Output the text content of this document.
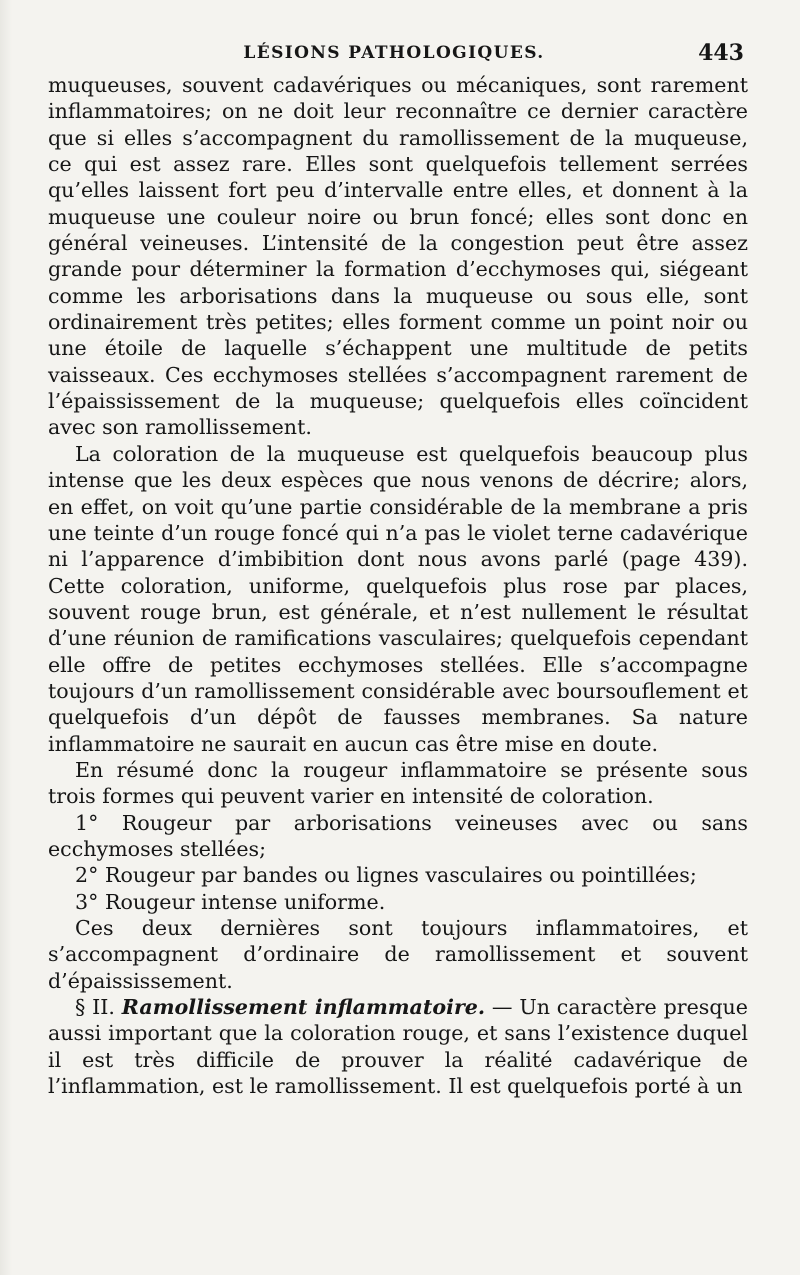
LÉSIONS PATHOLOGIQUES.	443

muqueuses, souvent cadavériques ou mécaniques, sont rarement inflammatoires; on ne doit leur reconnaître ce dernier caractère que si elles s’accompagnent du ramollissement de la muqueuse, ce qui est assez rare. Elles sont quelquefois tellement serrées qu’elles laissent fort peu d’intervalle entre elles, et donnent à la muqueuse une couleur noire ou brun foncé; elles sont donc en général veineuses. L’intensité de la congestion peut être assez grande pour déterminer la formation d’ecchymoses qui, siégeant comme les arborisations dans la muqueuse ou sous elle, sont ordinairement très petites; elles forment comme un point noir ou une étoile de laquelle s’échappent une multitude de petits vaisseaux. Ces ecchymoses stellées s’accompagnent rarement de l’épaississement de la muqueuse; quelquefois elles coïncident avec son ramollissement.

La coloration de la muqueuse est quelquefois beaucoup plus intense que les deux espèces que nous venons de décrire; alors, en effet, on voit qu’une partie considérable de la membrane a pris une teinte d’un rouge foncé qui n’a pas le violet terne cadavérique ni l’apparence d’imbibition dont nous avons parlé (page 439). Cette coloration, uniforme, quelquefois plus rose par places, souvent rouge brun, est générale, et n’est nullement le résultat d’une réunion de ramifications vasculaires; quelquefois cependant elle offre de petites ecchymoses stellées. Elle s’accompagne toujours d’un ramollissement considérable avec boursouflement et quelquefois d’un dépôt de fausses membranes. Sa nature inflammatoire ne saurait en aucun cas être mise en doute.

En résumé donc la rougeur inflammatoire se présente sous trois formes qui peuvent varier en intensité de coloration.

1° Rougeur par arborisations veineuses avec ou sans ecchymoses stellées;

2° Rougeur par bandes ou lignes vasculaires ou pointillées;

3° Rougeur intense uniforme.

Ces deux dernières sont toujours inflammatoires, et s’accompagnent d’ordinaire de ramollissement et souvent d’épaississement.

§ II. Ramollissement inflammatoire. — Un caractère presque aussi important que la coloration rouge, et sans l’existence duquel il est très difficile de prouver la réalité cadavérique de l’inflammation, est le ramollissement. Il est quelquefois porté à un
